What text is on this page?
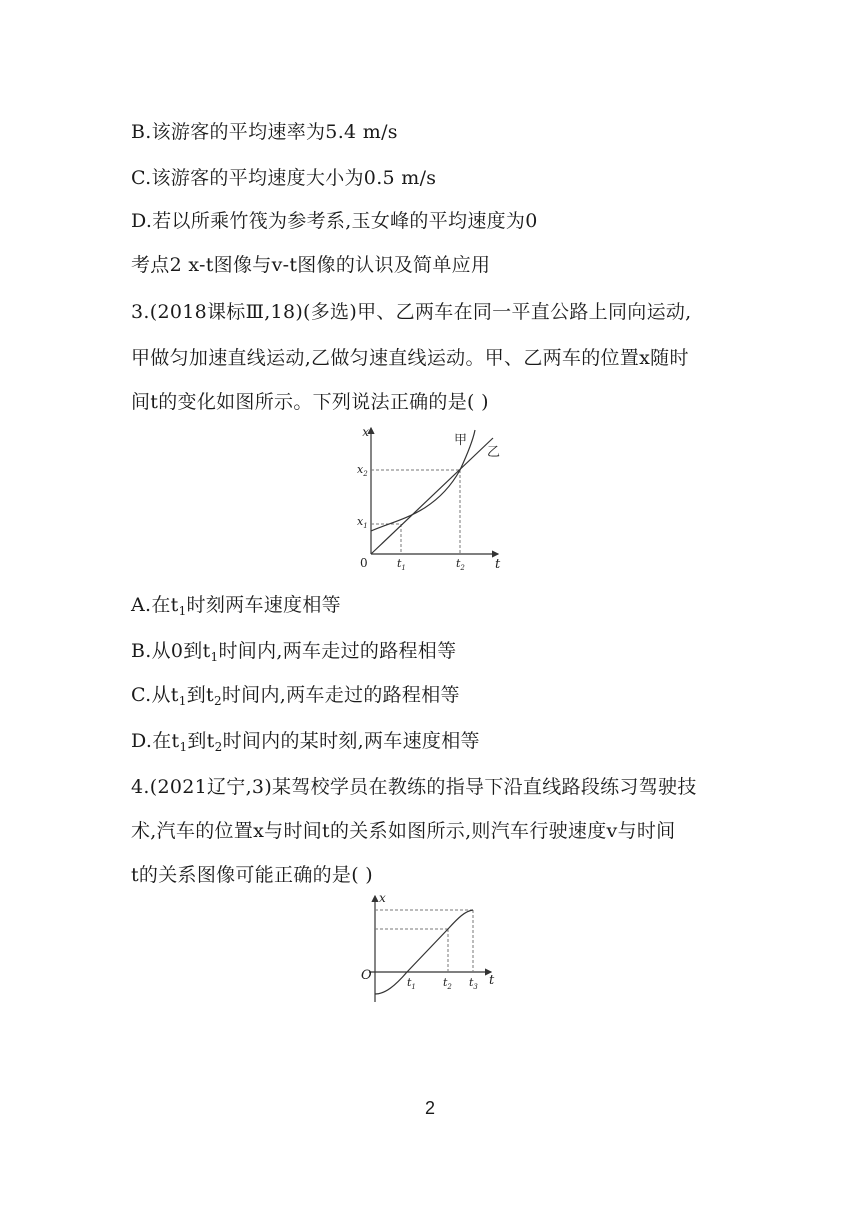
B.该游客的平均速率为5.4 m/s
C.该游客的平均速度大小为0.5 m/s
D.若以所乘竹筏为参考系,玉女峰的平均速度为0
考点2 x-t图像与v-t图像的认识及简单应用
3.(2018课标Ⅲ,18)(多选)甲、乙两车在同一平直公路上同向运动,
甲做匀加速直线运动,乙做匀速直线运动。甲、乙两车的位置x随时
间t的变化如图所示。下列说法正确的是( )
x
t
0
$x_1$
$x_2$
$t_1$	$t_2$
甲
乙
A.在$t_1$时刻两车速度相等
B.从0到$t_1$时间内,两车走过的路程相等
C.从$t_1$到$t_2$时间内,两车走过的路程相等
D.在$t_1$到$t_2$时间内的某时刻,两车速度相等
4.(2021辽宁,3)某驾校学员在教练的指导下沿直线路段练习驾驶技
术,汽车的位置x与时间t的关系如图所示,则汽车行驶速度v与时间
t的关系图像可能正确的是( )
x
t
O	$t_1$ $t_2$ $t_3$
2
